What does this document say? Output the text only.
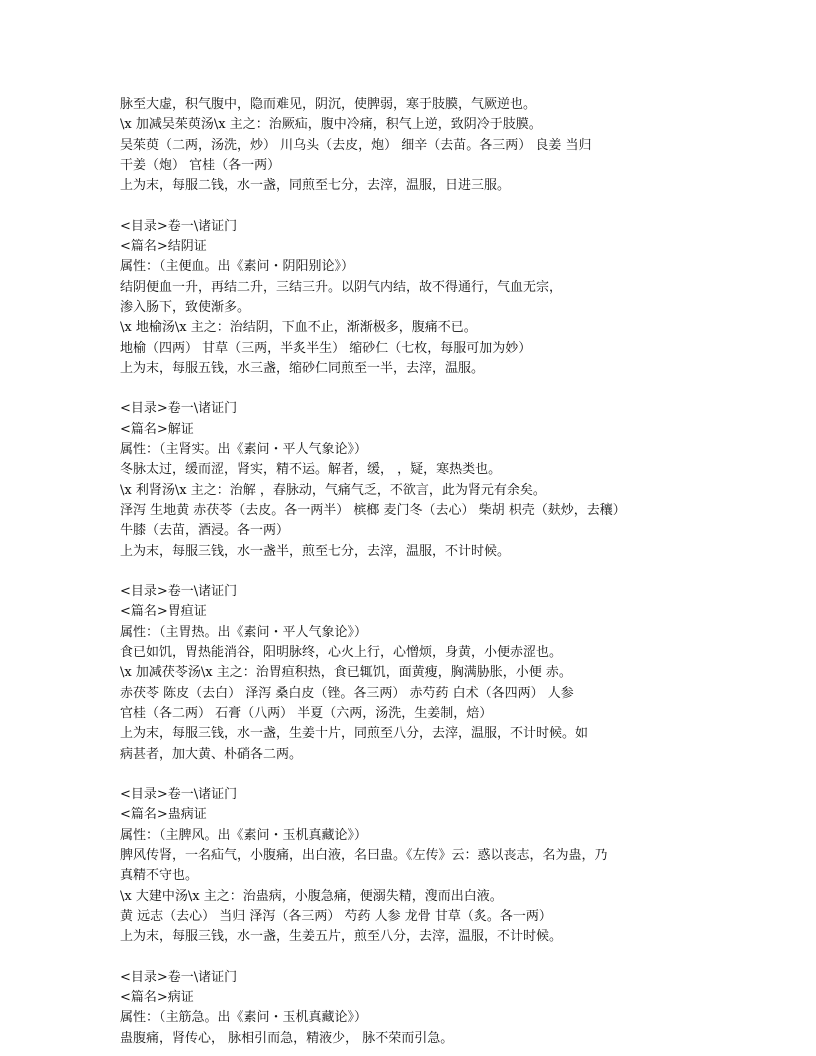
脉至大虚，积气腹中，隐而难见，阴沉，使脾弱，寒于肢膜，气厥逆也。
\x 加减吴茱萸汤\x 主之：治厥疝，腹中冷痛，积气上逆，致阴冷于肢膜。
吴茱萸（二两，汤洗，炒） 川乌头（去皮，炮） 细辛（去苗。各三两） 良姜 当归
干姜（炮） 官桂（各一两）
上为末，每服二钱，水一盏，同煎至七分，去滓，温服，日进三服。
<目录>卷一\诸证门
<篇名>结阴证
属性：（主便血。出《素问・阴阳别论》）
结阴便血一升，再结二升，三结三升。以阴气内结，故不得通行，气血无宗，
渗入肠下，致使渐多。
\x 地榆汤\x 主之：治结阴，下血不止，渐渐极多，腹痛不已。
地榆（四两） 甘草（三两，半炙半生） 缩砂仁（七枚，每服可加为妙）
上为末，每服五钱，水三盏，缩砂仁同煎至一半，去滓，温服。
<目录>卷一\诸证门
<篇名>解证
属性：（主肾实。出《素问・平人气象论》）
冬脉太过，缓而涩，肾实，精不运。解者，缓， ，疑，寒热类也。
\x 利肾汤\x 主之：治解 ，春脉动，气痛气乏，不欲言，此为肾元有余矣。
泽泻 生地黄 赤茯苓（去皮。各一两半） 槟榔 麦门冬（去心） 柴胡 枳壳（麸炒，去穰）
牛膝（去苗，酒浸。各一两）
上为末，每服三钱，水一盏半，煎至七分，去滓，温服，不计时候。
<目录>卷一\诸证门
<篇名>胃疸证
属性：（主胃热。出《素问・平人气象论》）
食已如饥，胃热能消谷，阳明脉终，心火上行，心憎烦，身黄，小便赤涩也。
\x 加减茯苓汤\x 主之：治胃疸积热，食已辄饥，面黄瘦，胸满胁胀，小便 赤。
赤茯苓 陈皮（去白） 泽泻 桑白皮（锉。各三两） 赤芍药 白术（各四两） 人参
官桂（各二两） 石膏（八两） 半夏（六两，汤洗，生姜制，焙）
上为末，每服三钱，水一盏，生姜十片，同煎至八分，去滓，温服，不计时候。如
病甚者，加大黄、朴硝各二两。
<目录>卷一\诸证门
<篇名>蛊病证
属性：（主脾风。出《素问・玉机真藏论》）
脾风传肾，一名疝气，小腹痛，出白液，名曰蛊。《左传》云：惑以丧志，名为蛊，乃
真精不守也。
\x 大建中汤\x 主之：治蛊病，小腹急痛，便溺失精，溲而出白液。
黄 远志（去心） 当归 泽泻（各三两） 芍药 人参 龙骨 甘草（炙。各一两）
上为末，每服三钱，水一盏，生姜五片，煎至八分，去滓，温服，不计时候。
<目录>卷一\诸证门
<篇名>病证
属性：（主筋急。出《素问・玉机真藏论》）
蛊腹痛，肾传心， 脉相引而急，精液少， 脉不荣而引急。
